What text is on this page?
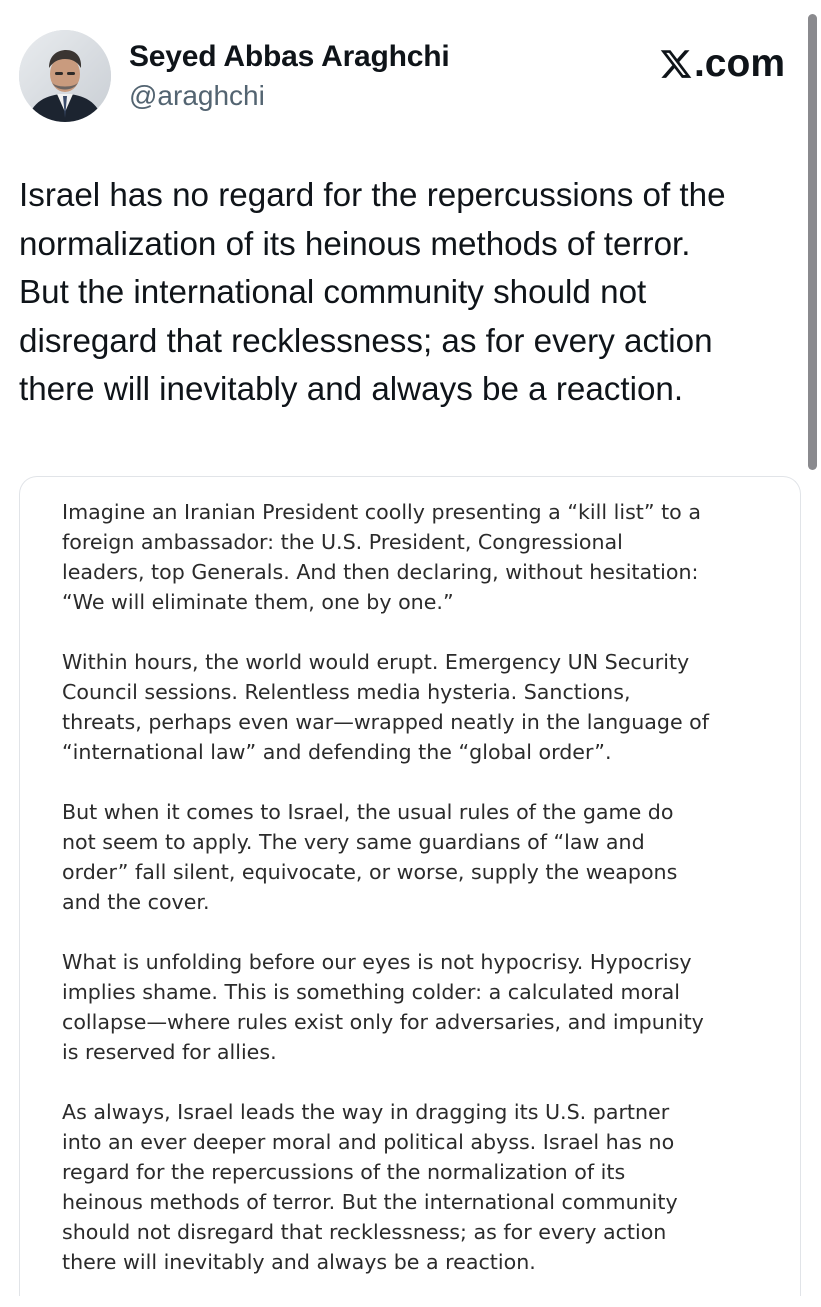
Seyed Abbas Araghchi
@araghchi
.com
Israel has no regard for the repercussions of the
normalization of its heinous methods of terror.
But the international community should not
disregard that recklessness; as for every action
there will inevitably and always be a reaction.
Imagine an Iranian President coolly presenting a “kill list” to a
foreign ambassador: the U.S. President, Congressional
leaders, top Generals. And then declaring, without hesitation:
“We will eliminate them, one by one.”
Within hours, the world would erupt. Emergency UN Security
Council sessions. Relentless media hysteria. Sanctions,
threats, perhaps even war—wrapped neatly in the language of
“international law” and defending the “global order”.
But when it comes to Israel, the usual rules of the game do
not seem to apply. The very same guardians of “law and
order” fall silent, equivocate, or worse, supply the weapons
and the cover.
What is unfolding before our eyes is not hypocrisy. Hypocrisy
implies shame. This is something colder: a calculated moral
collapse—where rules exist only for adversaries, and impunity
is reserved for allies.
As always, Israel leads the way in dragging its U.S. partner
into an ever deeper moral and political abyss. Israel has no
regard for the repercussions of the normalization of its
heinous methods of terror. But the international community
should not disregard that recklessness; as for every action
there will inevitably and always be a reaction.
